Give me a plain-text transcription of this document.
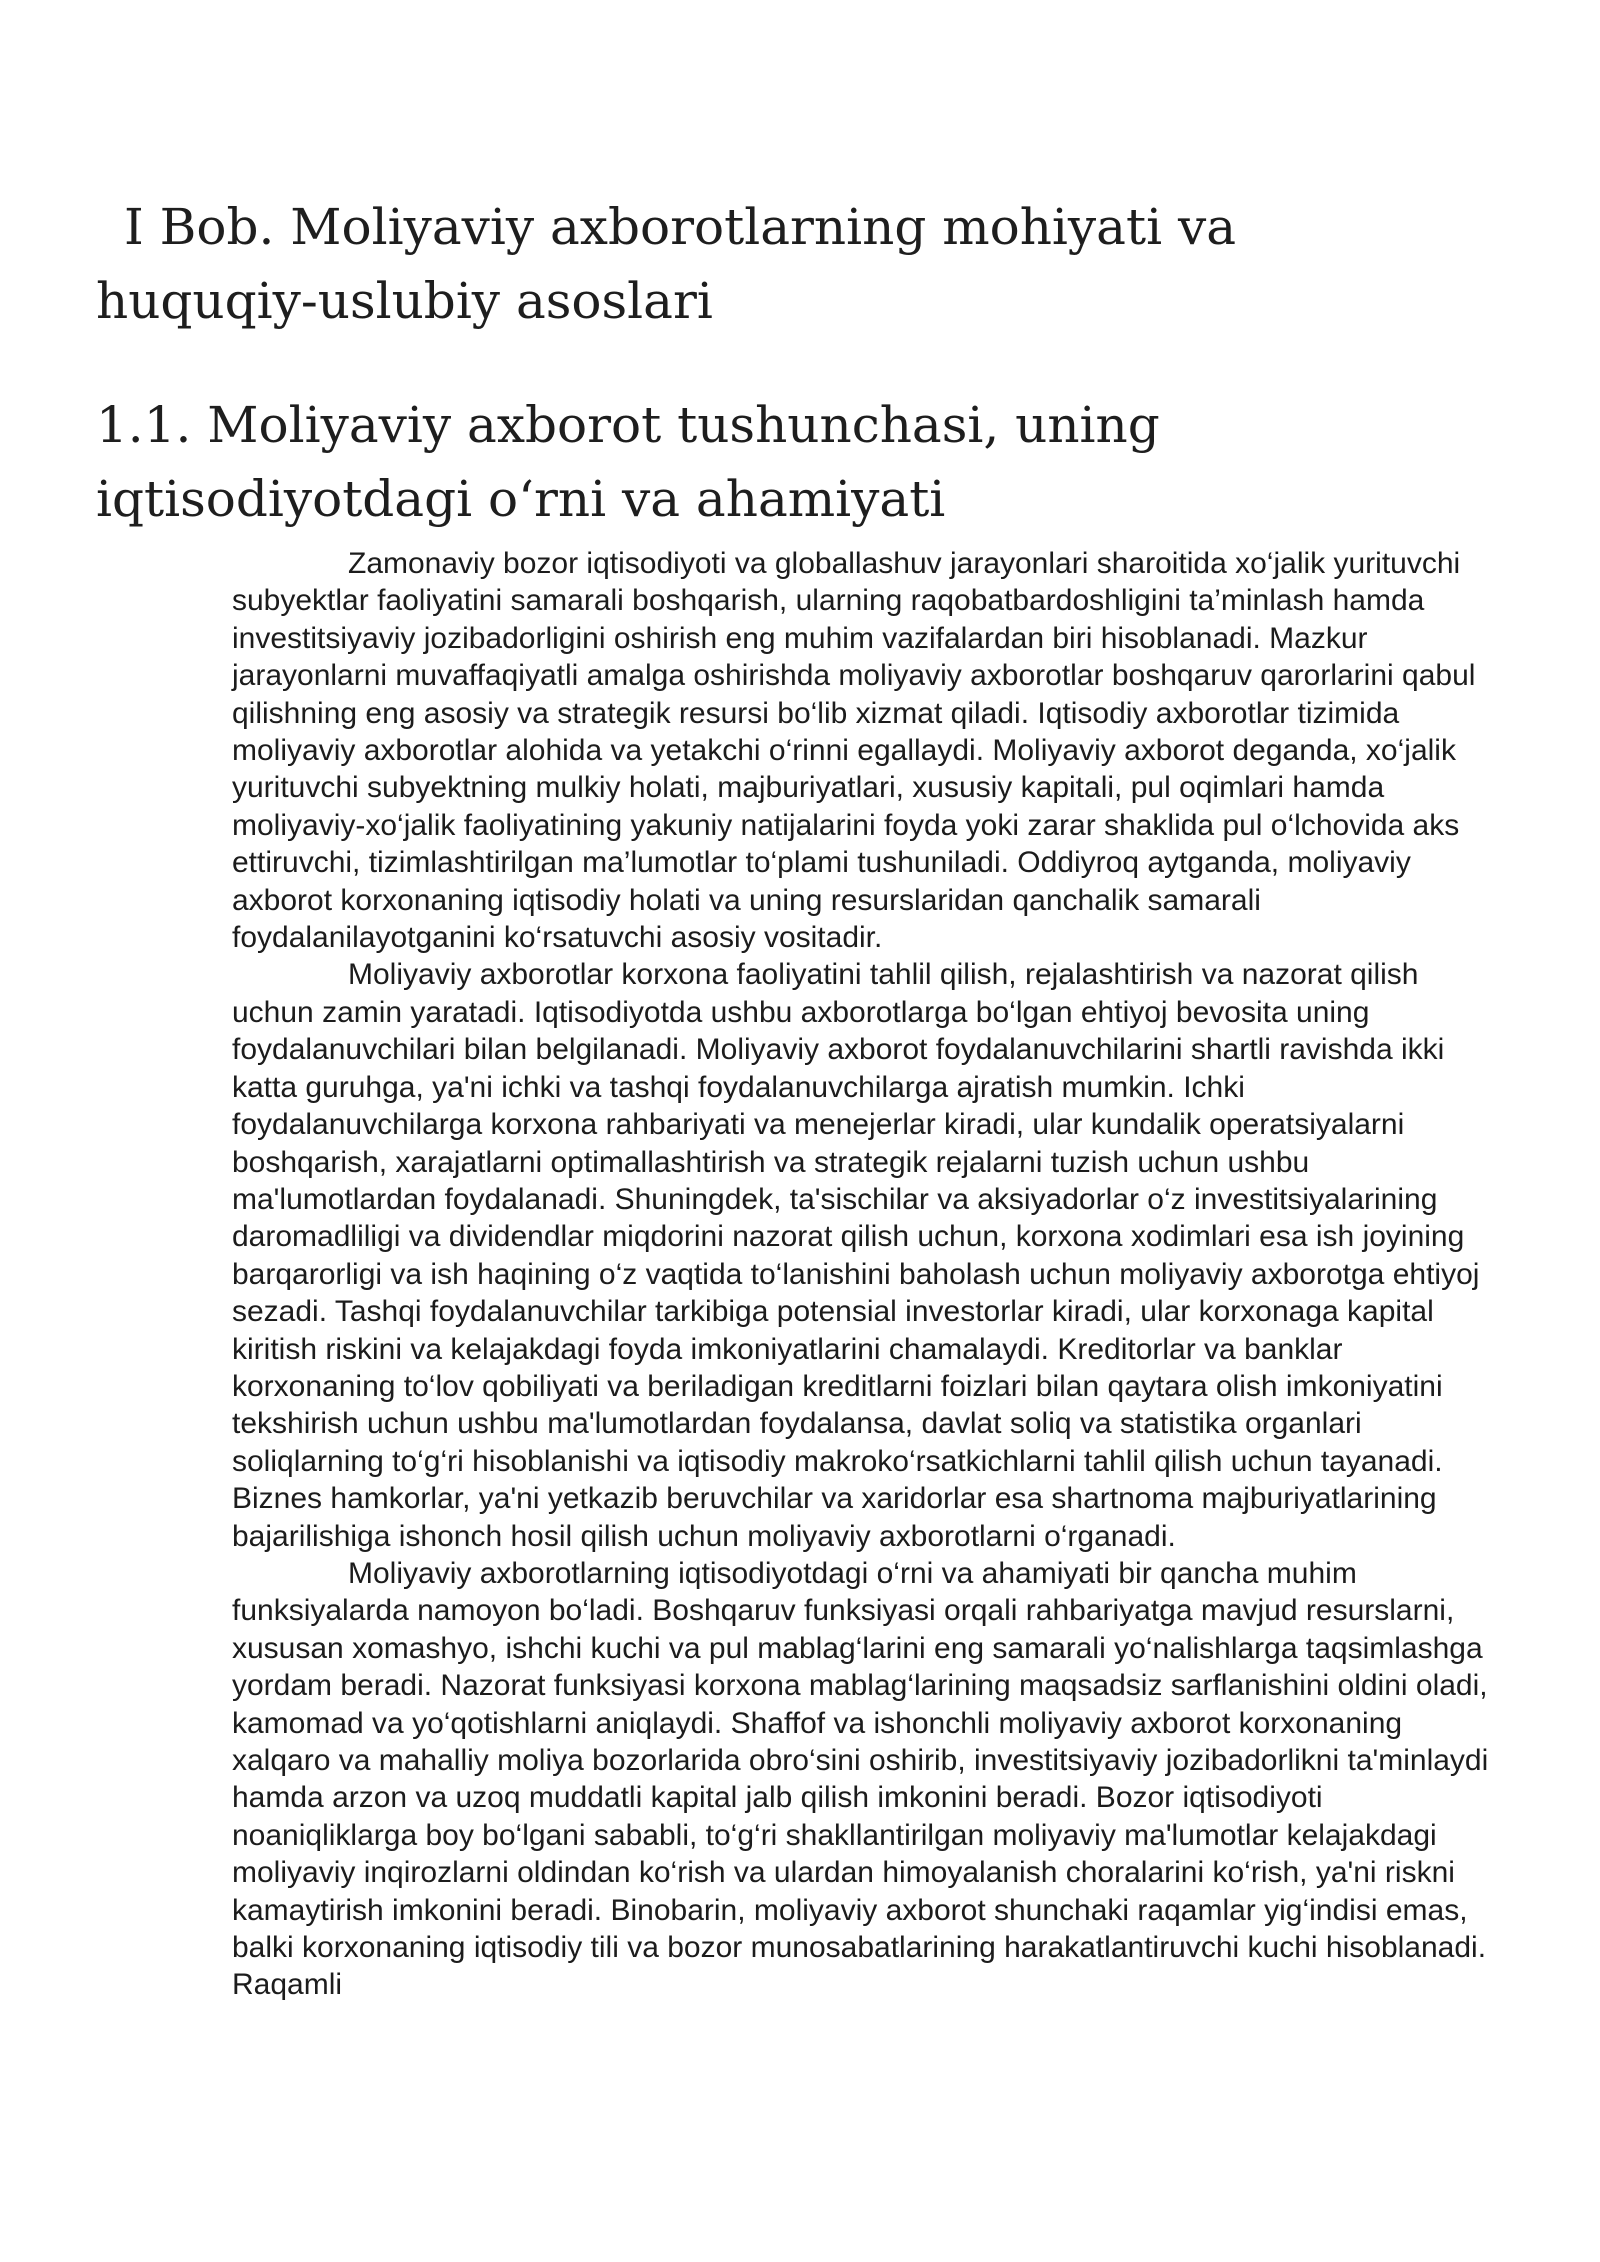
I Bob. Moliyaviy axborotlarning mohiyati va huquqiy-uslubiy asoslari
1.1. Moliyaviy axborot tushunchasi, uning iqtisodiyotdagi o‘rni va ahamiyati

Zamonaviy bozor iqtisodiyoti va globallashuv jarayonlari sharoitida xo‘jalik yurituvchi subyektlar faoliyatini samarali boshqarish, ularning raqobatbardoshligini ta’minlash hamda investitsiyaviy jozibadorligini oshirish eng muhim vazifalardan biri hisoblanadi. Mazkur jarayonlarni muvaffaqiyatli amalga oshirishda moliyaviy axborotlar boshqaruv qarorlarini qabul qilishning eng asosiy va strategik resursi bo‘lib xizmat qiladi. Iqtisodiy axborotlar tizimida moliyaviy axborotlar alohida va yetakchi o‘rinni egallaydi. Moliyaviy axborot deganda, xo‘jalik yurituvchi subyektning mulkiy holati, majburiyatlari, xususiy kapitali, pul oqimlari hamda moliyaviy-xo‘jalik faoliyatining yakuniy natijalarini foyda yoki zarar shaklida pul o‘lchovida aks ettiruvchi, tizimlashtirilgan ma’lumotlar to‘plami tushuniladi. Oddiyroq aytganda, moliyaviy axborot korxonaning iqtisodiy holati va uning resurslaridan qanchalik samarali foydalanilayotganini ko‘rsatuvchi asosiy vositadir.

Moliyaviy axborotlar korxona faoliyatini tahlil qilish, rejalashtirish va nazorat qilish uchun zamin yaratadi. Iqtisodiyotda ushbu axborotlarga bo‘lgan ehtiyoj bevosita uning foydalanuvchilari bilan belgilanadi. Moliyaviy axborot foydalanuvchilarini shartli ravishda ikki katta guruhga, ya'ni ichki va tashqi foydalanuvchilarga ajratish mumkin. Ichki foydalanuvchilarga korxona rahbariyati va menejerlar kiradi, ular kundalik operatsiyalarni boshqarish, xarajatlarni optimallashtirish va strategik rejalarni tuzish uchun ushbu ma'lumotlardan foydalanadi. Shuningdek, ta'sischilar va aksiyadorlar o‘z investitsiyalarining daromadliligi va dividendlar miqdorini nazorat qilish uchun, korxona xodimlari esa ish joyining barqarorligi va ish haqining o‘z vaqtida to‘lanishini baholash uchun moliyaviy axborotga ehtiyoj sezadi. Tashqi foydalanuvchilar tarkibiga potensial investorlar kiradi, ular korxonaga kapital kiritish riskini va kelajakdagi foyda imkoniyatlarini chamalaydi. Kreditorlar va banklar korxonaning to‘lov qobiliyati va beriladigan kreditlarni foizlari bilan qaytara olish imkoniyatini tekshirish uchun ushbu ma'lumotlardan foydalansa, davlat soliq va statistika organlari soliqlarning to‘g‘ri hisoblanishi va iqtisodiy makroko‘rsatkichlarni tahlil qilish uchun tayanadi. Biznes hamkorlar, ya'ni yetkazib beruvchilar va xaridorlar esa shartnoma majburiyatlarining bajarilishiga ishonch hosil qilish uchun moliyaviy axborotlarni o‘rganadi.

Moliyaviy axborotlarning iqtisodiyotdagi o‘rni va ahamiyati bir qancha muhim funksiyalarda namoyon bo‘ladi. Boshqaruv funksiyasi orqali rahbariyatga mavjud resurslarni, xususan xomashyo, ishchi kuchi va pul mablag‘larini eng samarali yo‘nalishlarga taqsimlashga yordam beradi. Nazorat funksiyasi korxona mablag‘larining maqsadsiz sarflanishini oldini oladi, kamomad va yo‘qotishlarni aniqlaydi. Shaffof va ishonchli moliyaviy axborot korxonaning xalqaro va mahalliy moliya bozorlarida obro‘sini oshirib, investitsiyaviy jozibadorlikni ta'minlaydi hamda arzon va uzoq muddatli kapital jalb qilish imkonini beradi. Bozor iqtisodiyoti noaniqliklarga boy bo‘lgani sababli, to‘g‘ri shakllantirilgan moliyaviy ma'lumotlar kelajakdagi moliyaviy inqirozlarni oldindan ko‘rish va ulardan himoyalanish choralarini ko‘rish, ya'ni riskni kamaytirish imkonini beradi. Binobarin, moliyaviy axborot shunchaki raqamlar yig‘indisi emas, balki korxonaning iqtisodiy tili va bozor munosabatlarining harakatlantiruvchi kuchi hisoblanadi. Raqamli
